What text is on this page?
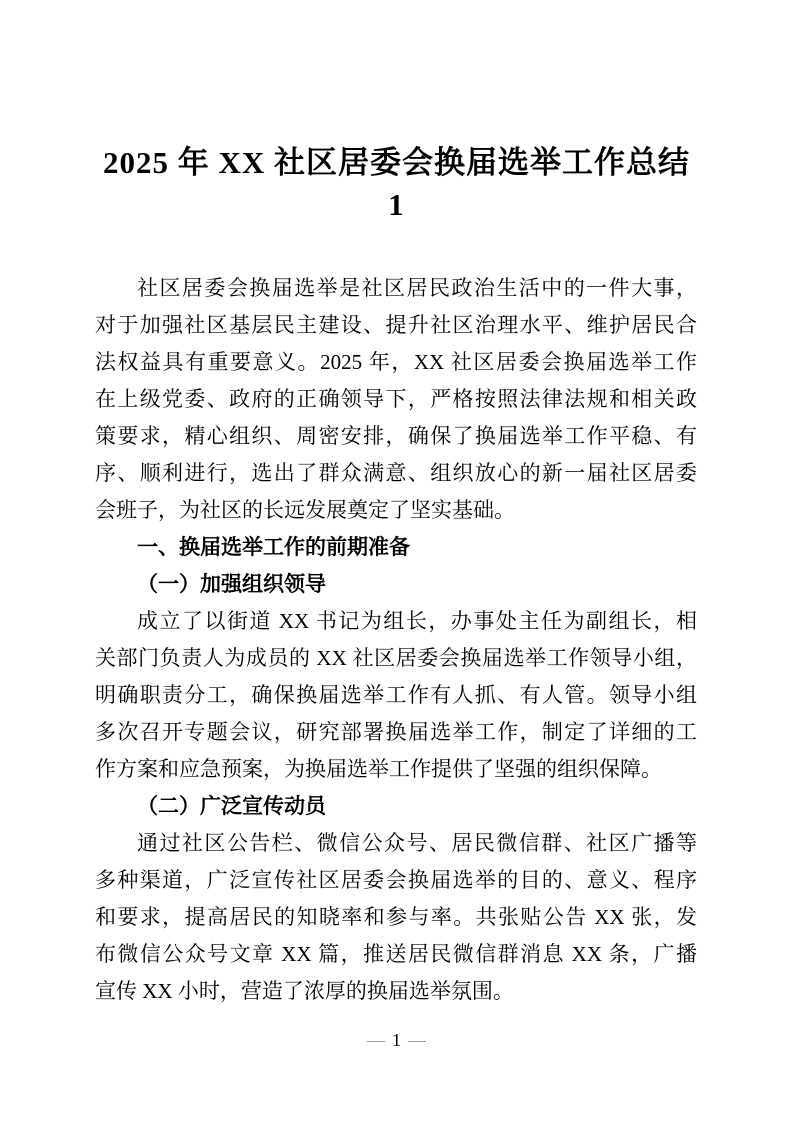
2025 年 XX 社区居委会换届选举工作总结
1
社区居委会换届选举是社区居民政治生活中的一件大事，
对于加强社区基层民主建设、提升社区治理水平、维护居民合
法权益具有重要意义。2025 年，XX 社区居委会换届选举工作
在上级党委、政府的正确领导下，严格按照法律法规和相关政
策要求，精心组织、周密安排，确保了换届选举工作平稳、有
序、顺利进行，选出了群众满意、组织放心的新一届社区居委
会班子，为社区的长远发展奠定了坚实基础。
一、换届选举工作的前期准备
（一）加强组织领导
成立了以街道 XX 书记为组长，办事处主任为副组长，相
关部门负责人为成员的 XX 社区居委会换届选举工作领导小组，
明确职责分工，确保换届选举工作有人抓、有人管。领导小组
多次召开专题会议，研究部署换届选举工作，制定了详细的工
作方案和应急预案，为换届选举工作提供了坚强的组织保障。
（二）广泛宣传动员
通过社区公告栏、微信公众号、居民微信群、社区广播等
多种渠道，广泛宣传社区居委会换届选举的目的、意义、程序
和要求，提高居民的知晓率和参与率。共张贴公告 XX 张，发
布微信公众号文章 XX 篇，推送居民微信群消息 XX 条，广播
宣传 XX 小时，营造了浓厚的换届选举氛围。
— 1 —
